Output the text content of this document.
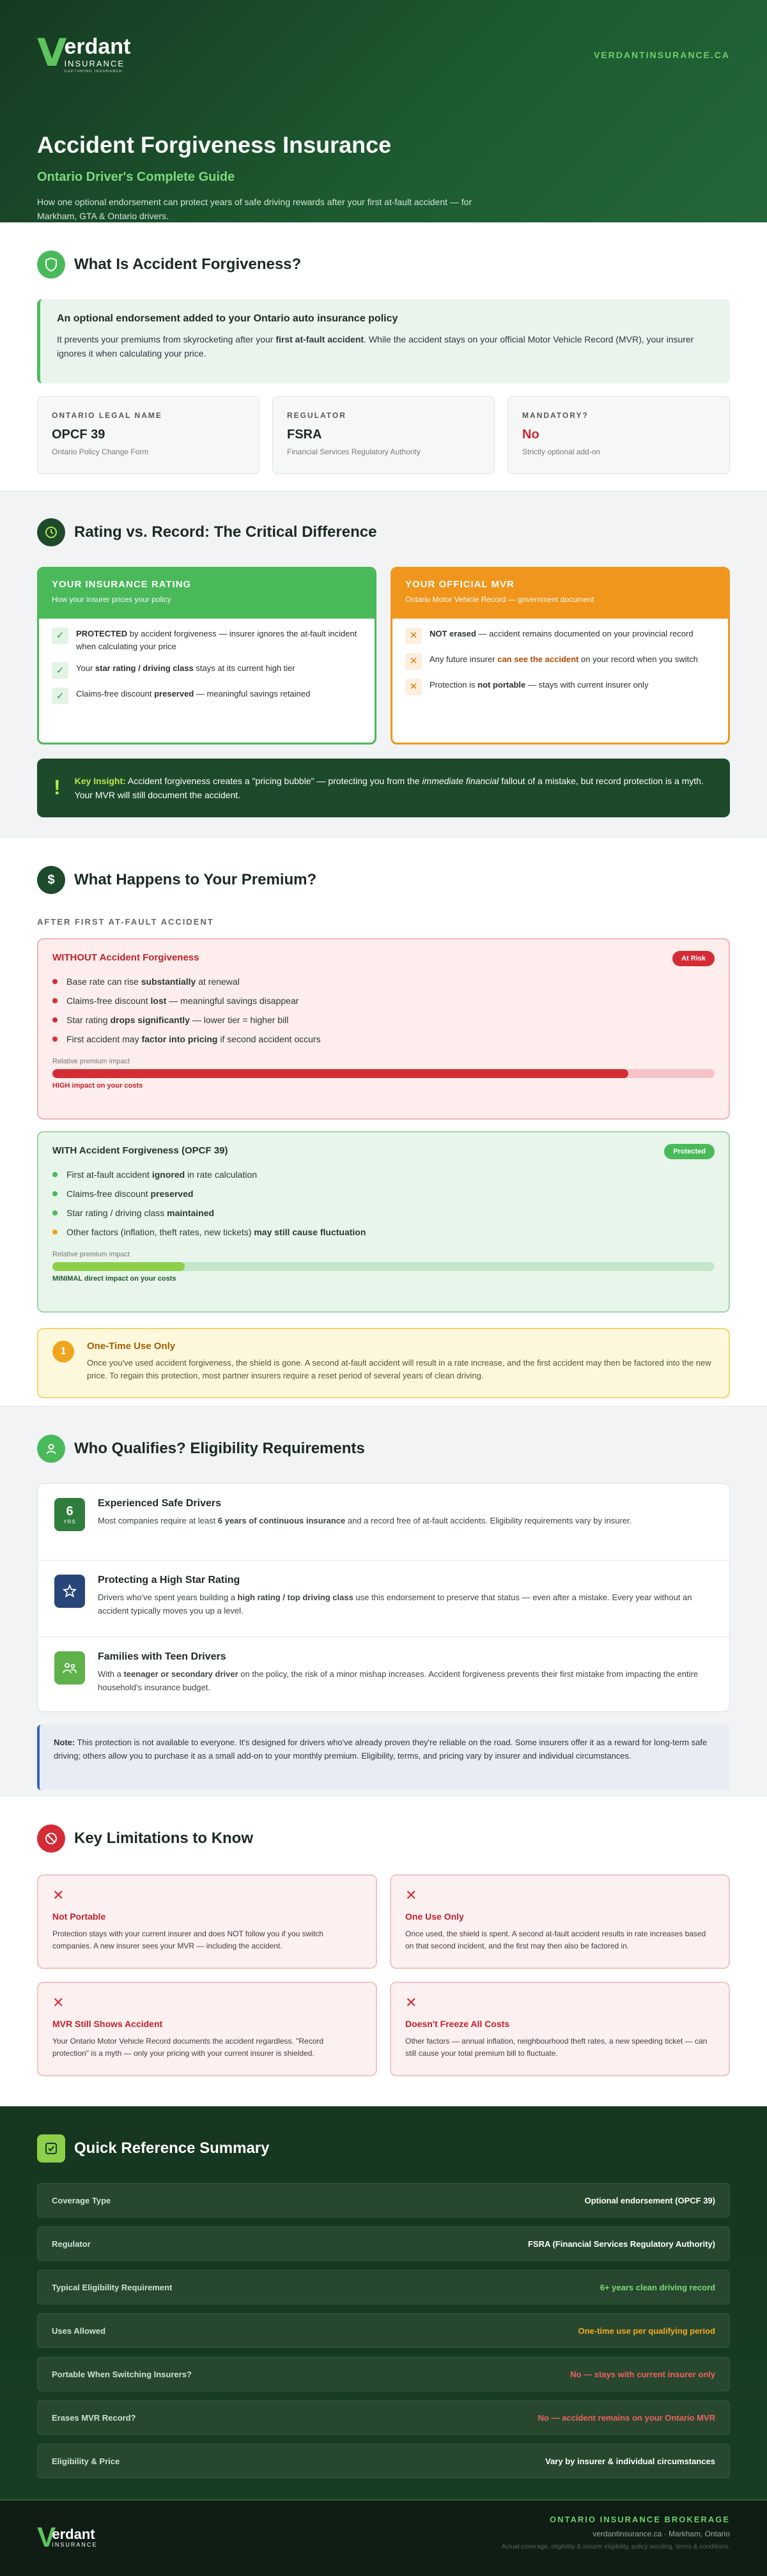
V
erdant
INSURANCE
CAPTURING INSURANCE
VERDANTINSURANCE.CA
Accident Forgiveness Insurance
Ontario Driver's Complete Guide

How one optional endorsement can protect years of safe driving rewards after your first at-fault accident — for Markham, GTA & Ontario drivers.

What Is Accident Forgiveness?
An optional endorsement added to your Ontario auto insurance policy

It prevents your premiums from skyrocketing after your first at-fault accident. While the accident stays on your official Motor Vehicle Record (MVR), your insurer ignores it when calculating your price.

ONTARIO LEGAL NAME
OPCF 39
Ontario Policy Change Form
REGULATOR
FSRA
Financial Services Regulatory Authority
MANDATORY?
No
Strictly optional add-on
Rating vs. Record: The Critical Difference
YOUR INSURANCE RATING
How your insurer prices your policy
✓	PROTECTED by accident forgiveness — insurer ignores the at-fault incident when calculating your price
✓	Your star rating / driving class stays at its current high tier
✓	Claims-free discount preserved — meaningful savings retained
YOUR OFFICIAL MVR
Ontario Motor Vehicle Record — government document
✕	NOT erased — accident remains documented on your provincial record
✕	Any future insurer can see the accident on your record when you switch
✕	Protection is not portable — stays with current insurer only
! Key Insight: Accident forgiveness creates a "pricing bubble" — protecting you from the immediate financial fallout of a mistake, but record protection is a myth. Your MVR will still document the accident.

$	What Happens to Your Premium?
AFTER FIRST AT-FAULT ACCIDENT
WITHOUT Accident Forgiveness	At Risk
Base rate can rise substantially at renewal
Claims-free discount lost — meaningful savings disappear
Star rating drops significantly — lower tier = higher bill
First accident may factor into pricing if second accident occurs
Relative premium impact
HIGH impact on your costs
WITH Accident Forgiveness (OPCF 39)	Protected
First at-fault accident ignored in rate calculation
Claims-free discount preserved
Star rating / driving class maintained
Other factors (inflation, theft rates, new tickets) may still cause fluctuation
Relative premium impact
MINIMAL direct impact on your costs
1	One-Time Use Only

Once you've used accident forgiveness, the shield is gone. A second at-fault accident will result in a rate increase, and the first accident may then be factored into the new price. To regain this protection, most partner insurers require a reset period of several years of clean driving.

Who Qualifies? Eligibility Requirements
6
YRS
Experienced Safe Drivers

Most companies require at least 6 years of continuous insurance and a record free of at-fault accidents. Eligibility requirements vary by insurer.

Protecting a High Star Rating

Drivers who've spent years building a high rating / top driving class use this endorsement to preserve that status — even after a mistake. Every year without an accident typically moves you up a level.

Families with Teen Drivers

With a teenager or secondary driver on the policy, the risk of a minor mishap increases. Accident forgiveness prevents their first mistake from impacting the entire household's insurance budget.

Note: This protection is not available to everyone. It's designed for drivers who've already proven they're reliable on the road. Some insurers offer it as a reward for long-term safe driving; others allow you to purchase it as a small add-on to your monthly premium. Eligibility, terms, and pricing vary by insurer and individual circumstances.
Key Limitations to Know
✕
Not Portable

Protection stays with your current insurer and does NOT follow you if you switch companies. A new insurer sees your MVR — including the accident.

✕
One Use Only

Once used, the shield is spent. A second at-fault accident results in rate increases based on that second incident, and the first may then also be factored in.

✕
MVR Still Shows Accident

Your Ontario Motor Vehicle Record documents the accident regardless. "Record protection" is a myth — only your pricing with your current insurer is shielded.

✕
Doesn't Freeze All Costs

Other factors — annual inflation, neighbourhood theft rates, a new speeding ticket — can still cause your total premium bill to fluctuate.

Quick Reference Summary
Coverage Type	Optional endorsement (OPCF 39)
Regulator	FSRA (Financial Services Regulatory Authority)
Typical Eligibility Requirement	6+ years clean driving record
Uses Allowed	One-time use per qualifying period
Portable When Switching Insurers?	No — stays with current insurer only
Erases MVR Record?	No — accident remains on your Ontario MVR
Eligibility & Price	Vary by insurer & individual circumstances
V
erdant
INSURANCE
ONTARIO INSURANCE BROKERAGE
verdantinsurance.ca · Markham, Ontario
Actual coverage, eligibility & insurer eligibility, policy wording, terms & conditions.
